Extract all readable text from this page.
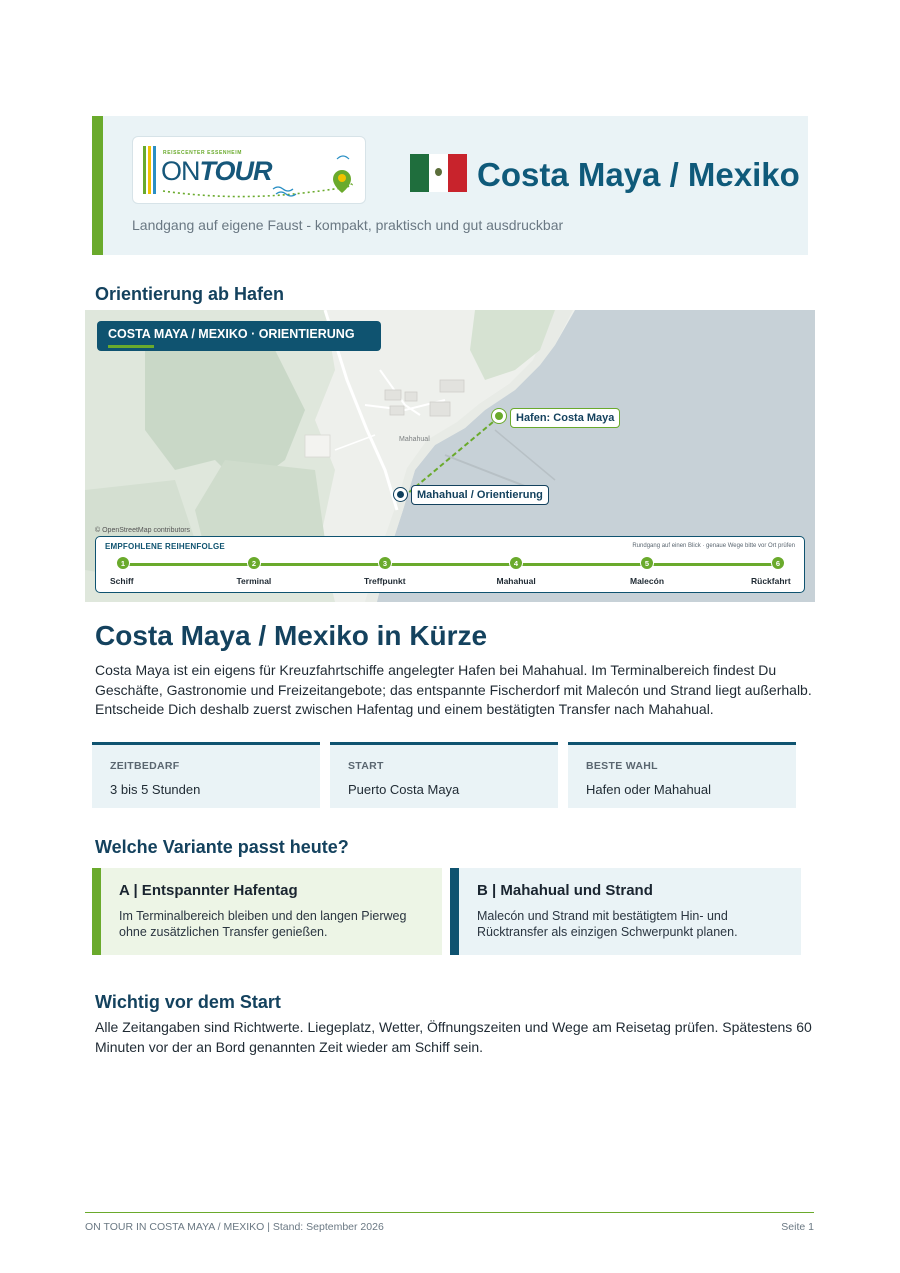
REISECENTER ESSENHEIM
ONTOUR	Costa Maya / Mexiko
Landgang auf eigene Faust - kompakt, praktisch und gut ausdruckbar
Orientierung ab Hafen
COSTA MAYA / MEXIKO · ORIENTIERUNG
Mahahual
© OpenStreetMap contributors
Hafen: Costa Maya
Mahahual / Orientierung
EMPFOHLENE REIHENFOLGE	Rundgang auf einen Blick · genaue Wege bitte vor Ort prüfen
1
Schiff
2
Terminal
3
Treffpunkt
4
Mahahual
5
Malecón
6
Rückfahrt
Costa Maya / Mexiko in Kürze
Costa Maya ist ein eigens für Kreuzfahrtschiffe angelegter Hafen bei Mahahual. Im Terminalbereich findest Du Geschäfte, Gastronomie und Freizeitangebote; das entspannte Fischerdorf mit Malecón und Strand liegt außerhalb. Entscheide Dich deshalb zuerst zwischen Hafentag und einem bestätigten Transfer nach Mahahual.
ZEITBEDARF
3 bis 5 Stunden
START
Puerto Costa Maya
BESTE WAHL
Hafen oder Mahahual
Welche Variante passt heute?
A | Entspannter Hafentag
Im Terminalbereich bleiben und den langen Pierweg ohne zusätzlichen Transfer genießen.
B | Mahahual und Strand
Malecón und Strand mit bestätigtem Hin- und Rücktransfer als einzigen Schwerpunkt planen.
Wichtig vor dem Start
Alle Zeitangaben sind Richtwerte. Liegeplatz, Wetter, Öffnungszeiten und Wege am Reisetag prüfen. Spätestens 60 Minuten vor der an Bord genannten Zeit wieder am Schiff sein.
ON TOUR IN COSTA MAYA / MEXIKO | Stand: September 2026	Seite 1
